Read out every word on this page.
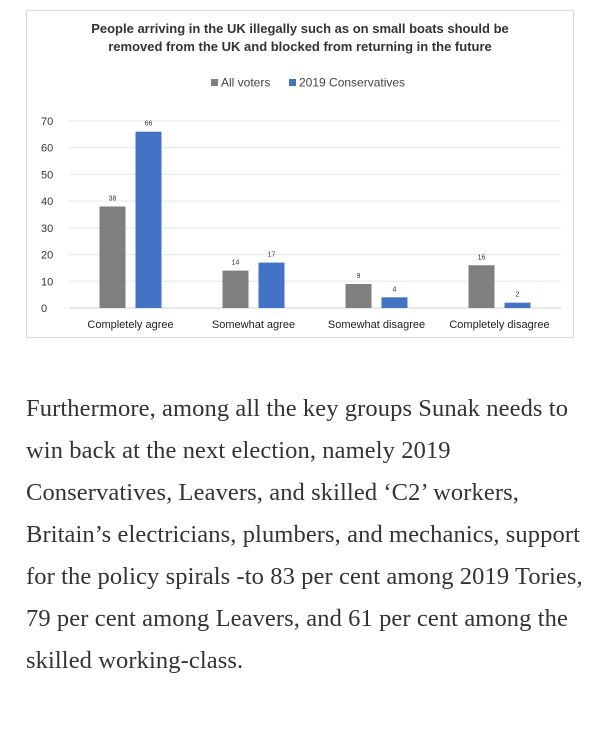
People arriving in the UK illegally such as on small boats should be
removed from the UK and blocked from returning in the future
All voters 2019 Conservatives
0
10
20
30
40
50
60
70
38
66
Completely agree
14
17
Somewhat agree
9
4
Somewhat disagree
16
2
Completely disagree

Furthermore, among all the key groups Sunak needs to win back at the next election, namely 2019 Conservatives, Leavers, and skilled ‘C2’ workers, Britain’s electricians, plumbers, and mechanics, support for the policy spirals -to 83 per cent among 2019 Tories, 79 per cent among Leavers, and 61 per cent among the skilled working-class.
